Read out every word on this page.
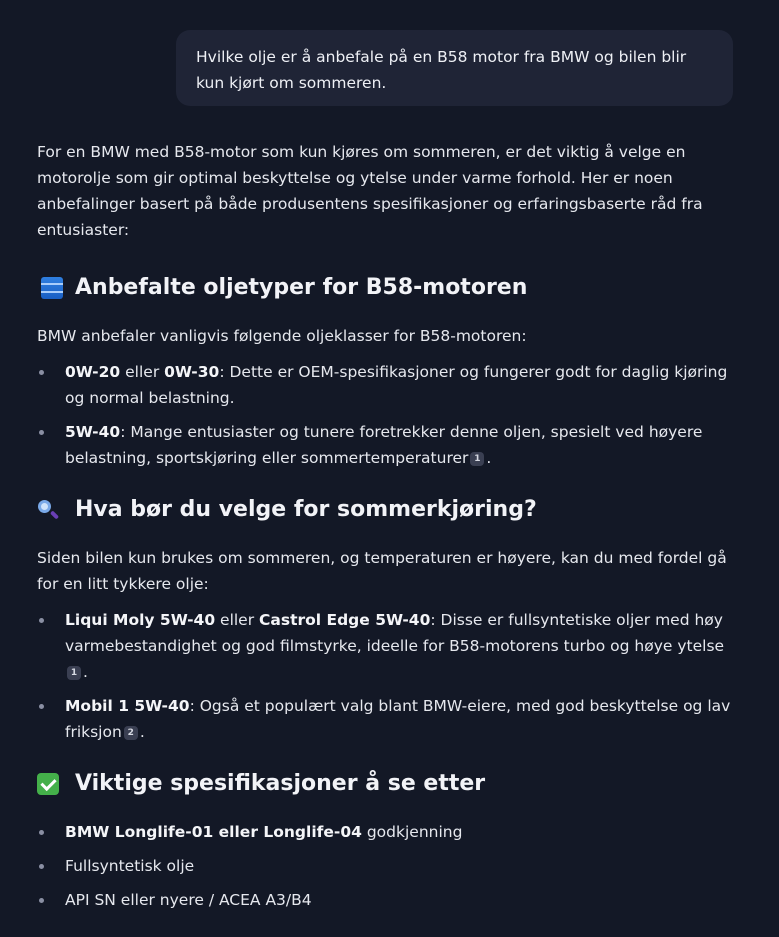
Hvilke olje er å anbefale på en B58 motor fra BMW og bilen blir kun kjørt om sommeren.

For en BMW med B58-motor som kun kjøres om sommeren, er det viktig å velge en motorolje som gir optimal beskyttelse og ytelse under varme forhold. Her er noen anbefalinger basert på både produsentens spesifikasjoner og erfaringsbaserte råd fra entusiaster:

Anbefalte oljetyper for B58-motoren

BMW anbefaler vanligvis følgende oljeklasser for B58-motoren:

0W-20 eller 0W-30: Dette er OEM-spesifikasjoner og fungerer godt for daglig kjøring og normal belastning.
5W-40: Mange entusiaster og tunere foretrekker denne oljen, spesielt ved høyere belastning, sportskjøring eller sommertemperaturer 1 .
Hva bør du velge for sommerkjøring?

Siden bilen kun brukes om sommeren, og temperaturen er høyere, kan du med fordel gå for en litt tykkere olje:

Liqui Moly 5W-40 eller Castrol Edge 5W-40: Disse er fullsyntetiske oljer med høy varmebestandighet og god filmstyrke, ideelle for B58-motorens turbo og høye ytelse 1 .
Mobil 1 5W-40: Også et populært valg blant BMW-eiere, med god beskyttelse og lav friksjon 2 .
Viktige spesifikasjoner å se etter
BMW Longlife-01 eller Longlife-04 godkjenning
Fullsyntetisk olje
API SN eller nyere / ACEA A3/B4
